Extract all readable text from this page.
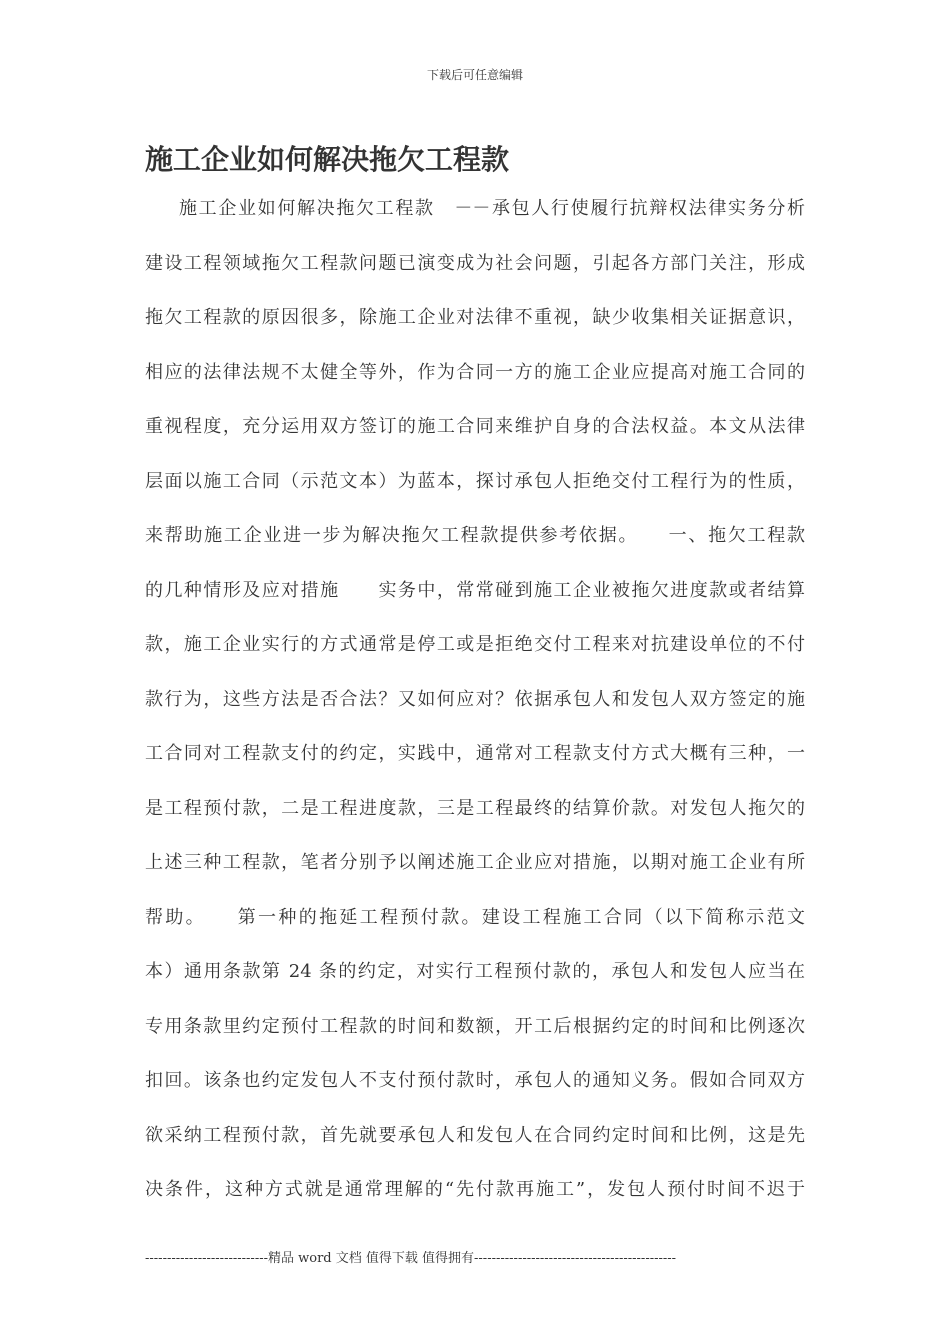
下载后可任意编辑
施工企业如何解决拖欠工程款
施工企业如何解决拖欠工程款　－－承包人行使履行抗辩权法律实务分析
建设工程领域拖欠工程款问题已演变成为社会问题，引起各方部门关注，形成
拖欠工程款的原因很多，除施工企业对法律不重视，缺少收集相关证据意识，
相应的法律法规不太健全等外，作为合同一方的施工企业应提高对施工合同的
重视程度，充分运用双方签订的施工合同来维护自身的合法权益。本文从法律
层面以施工合同（示范文本）为蓝本，探讨承包人拒绝交付工程行为的性质，
来帮助施工企业进一步为解决拖欠工程款提供参考依据。　　一、拖欠工程款
的几种情形及应对措施　　实务中，常常碰到施工企业被拖欠进度款或者结算
款，施工企业实行的方式通常是停工或是拒绝交付工程来对抗建设单位的不付
款行为，这些方法是否合法？又如何应对？依据承包人和发包人双方签定的施
工合同对工程款支付的约定，实践中，通常对工程款支付方式大概有三种，一
是工程预付款，二是工程进度款，三是工程最终的结算价款。对发包人拖欠的
上述三种工程款，笔者分别予以阐述施工企业应对措施，以期对施工企业有所
帮助。　　第一种的拖延工程预付款。建设工程施工合同（以下简称示范文
本）通用条款第 24 条的约定，对实行工程预付款的，承包人和发包人应当在
专用条款里约定预付工程款的时间和数额，开工后根据约定的时间和比例逐次
扣回。该条也约定发包人不支付预付款时，承包人的通知义务。假如合同双方
欲采纳工程预付款，首先就要承包人和发包人在合同约定时间和比例，这是先
决条件，这种方式就是通常理解的“先付款再施工”，发包人预付时间不迟于
----------------------------精品 word 文档 值得下载 值得拥有----------------------------------------------
